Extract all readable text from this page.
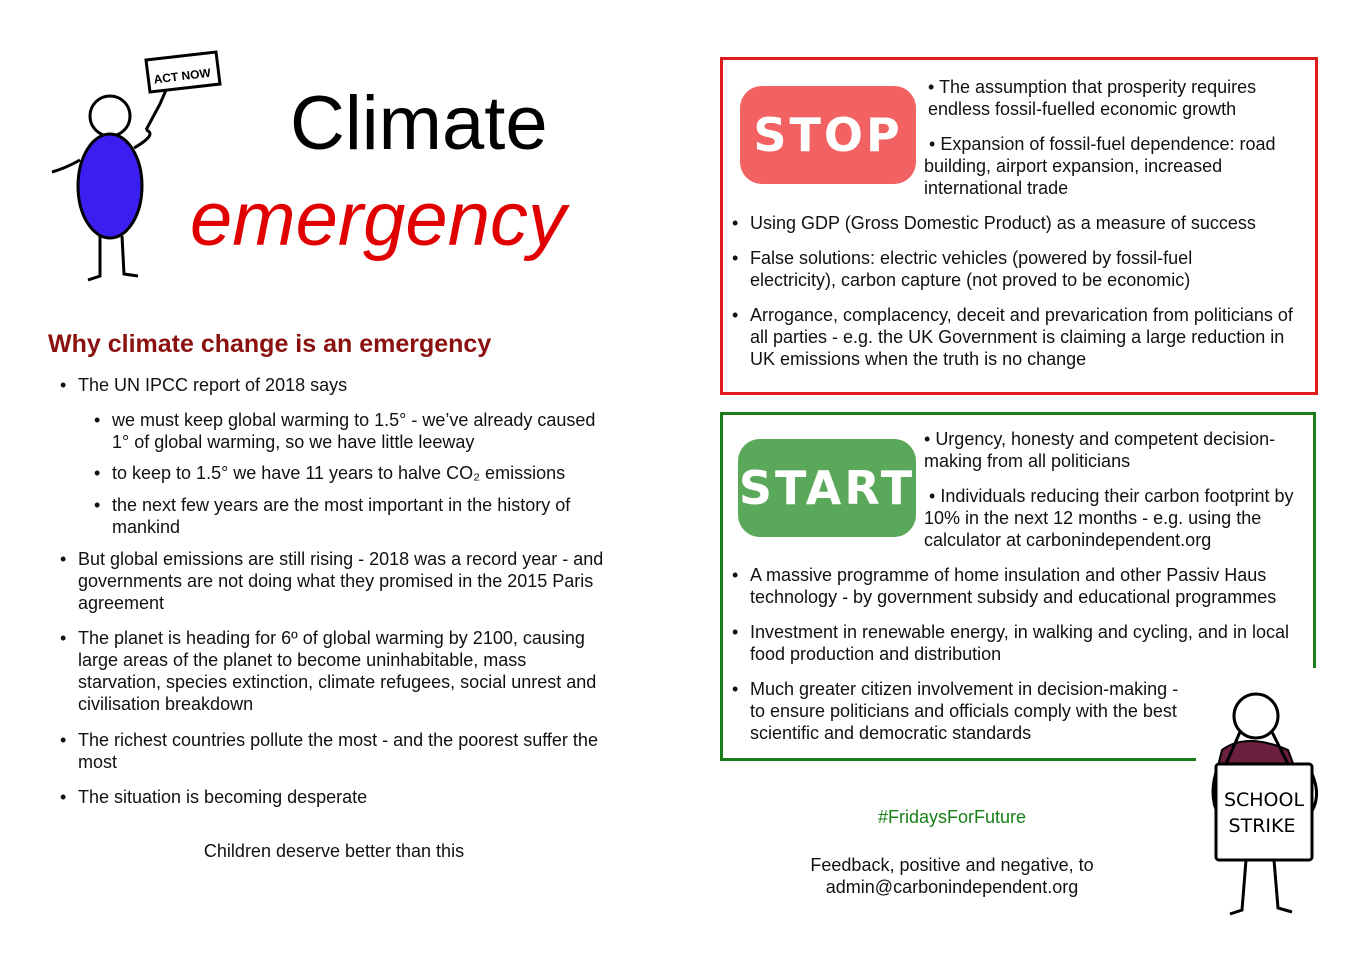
ACT NOW
Climate
emergency
Why climate change is an emergency
• The UN IPCC report of 2018 says
• we must keep global warming to 1.5° - we’ve already caused 1° of global warming, so we have little leeway
• to keep to 1.5° we have 11 years to halve CO₂ emissions
• the next few years are the most important in the history of mankind
• But global emissions are still rising - 2018 was a record year - and governments are not doing what they promised in the 2015 Paris agreement
• The planet is heading for 6º of global warming by 2100, causing large areas of the planet to become uninhabitable, mass starvation, species extinction, climate refugees, social unrest and civilisation breakdown
• The richest countries pollute the most - and the poorest suffer the most
• The situation is becoming desperate
Children deserve better than this
STOP
• The assumption that prosperity requires endless fossil-fuelled economic growth
• Expansion of fossil-fuel dependence: road building, airport expansion, increased international trade
• Using GDP (Gross Domestic Product) as a measure of success
• False solutions: electric vehicles (powered by fossil-fuel electricity), carbon capture (not proved to be economic)
• Arrogance, complacency, deceit and prevarication from politicians of all parties - e.g. the UK Government is claiming a large reduction in UK emissions when the truth is no change
START
• Urgency, honesty and competent decision-making from all politicians
• Individuals reducing their carbon footprint by 10% in the next 12 months - e.g. using the calculator at carbonindependent.org
• A massive programme of home insulation and other Passiv Haus technology - by government subsidy and educational programmes
• Investment in renewable energy, in walking and cycling, and in local food production and distribution
• Much greater citizen involvement in decision-making - to ensure politicians and officials comply with the best scientific and democratic standards
#FridaysForFuture
Feedback, positive and negative, to
admin@carbonindependent.org
SCHOOL
STRIKE
